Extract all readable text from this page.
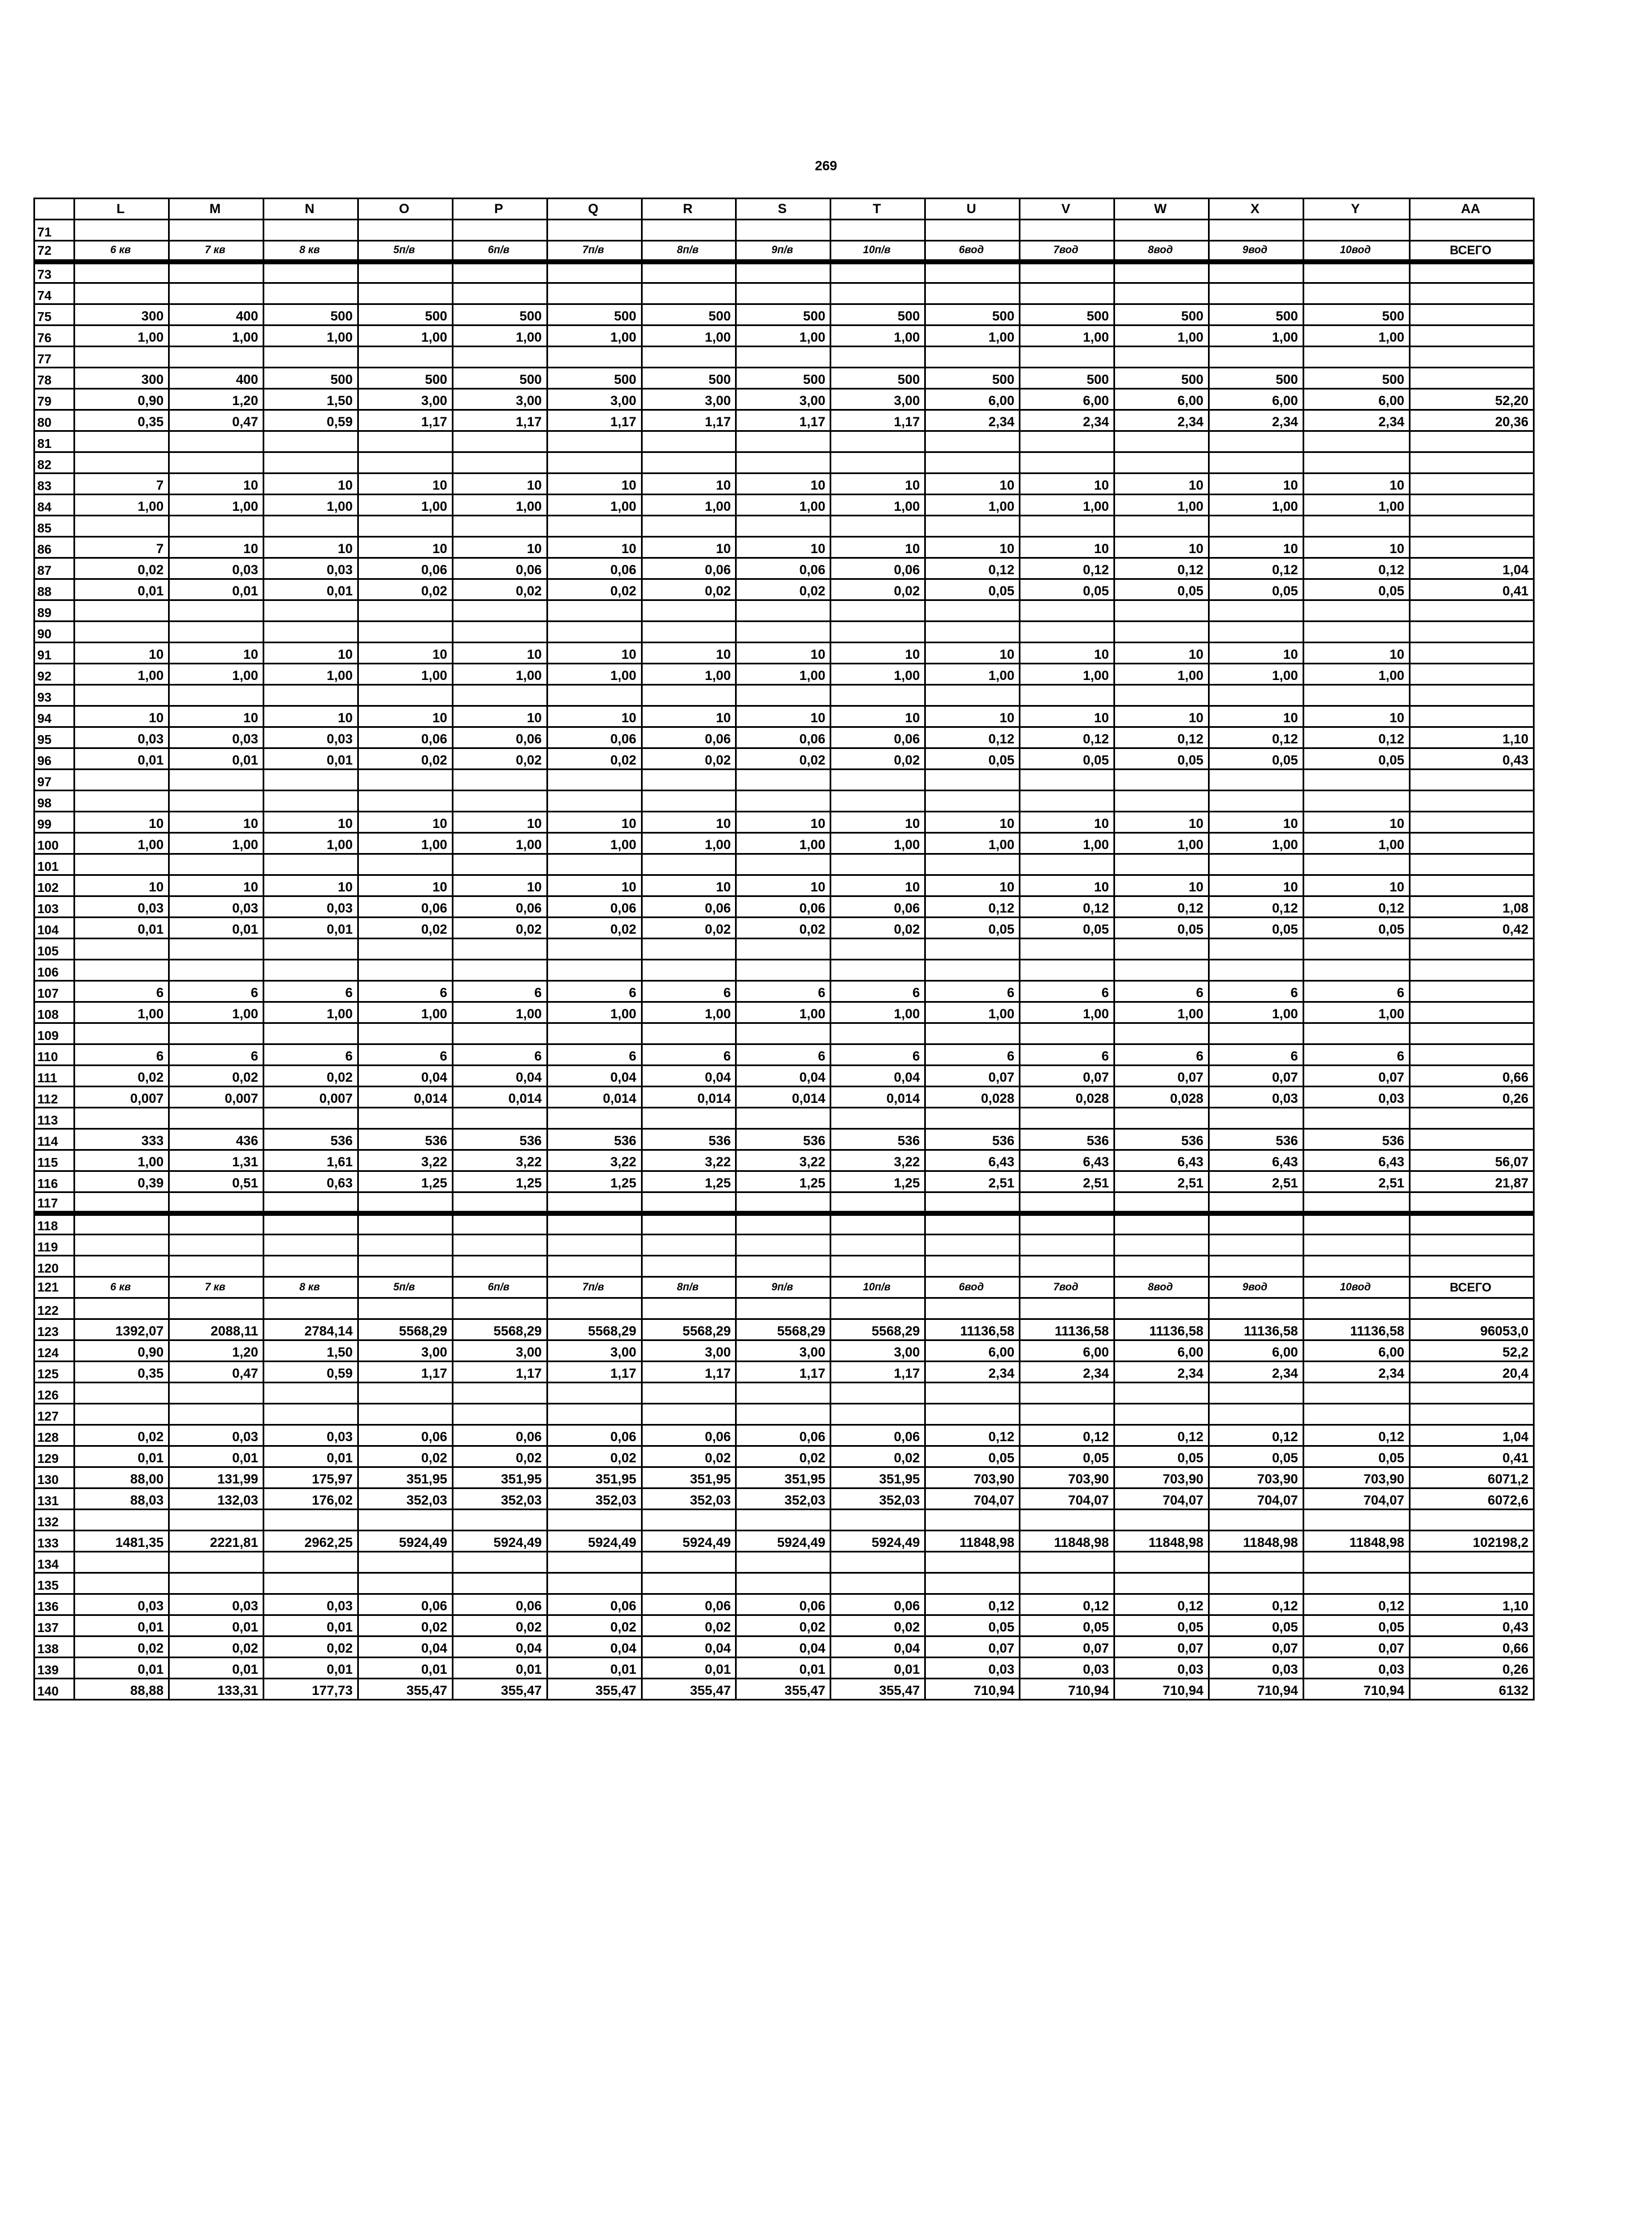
269
	L	M	N	O	P	Q	R	S	T	U	V	W	X	Y	AA
71															
72	6 кв	7 кв	8 кв	5п/в	6п/в	7п/в	8п/в	9п/в	10п/в	6вод	7вод	8вод	9вод	10вод	ВСЕГО
73															
74															
75	300	400	500	500	500	500	500	500	500	500	500	500	500	500	
76	1,00	1,00	1,00	1,00	1,00	1,00	1,00	1,00	1,00	1,00	1,00	1,00	1,00	1,00	
77															
78	300	400	500	500	500	500	500	500	500	500	500	500	500	500	
79	0,90	1,20	1,50	3,00	3,00	3,00	3,00	3,00	3,00	6,00	6,00	6,00	6,00	6,00	52,20
80	0,35	0,47	0,59	1,17	1,17	1,17	1,17	1,17	1,17	2,34	2,34	2,34	2,34	2,34	20,36
81															
82															
83	7	10	10	10	10	10	10	10	10	10	10	10	10	10	
84	1,00	1,00	1,00	1,00	1,00	1,00	1,00	1,00	1,00	1,00	1,00	1,00	1,00	1,00	
85															
86	7	10	10	10	10	10	10	10	10	10	10	10	10	10	
87	0,02	0,03	0,03	0,06	0,06	0,06	0,06	0,06	0,06	0,12	0,12	0,12	0,12	0,12	1,04
88	0,01	0,01	0,01	0,02	0,02	0,02	0,02	0,02	0,02	0,05	0,05	0,05	0,05	0,05	0,41
89															
90															
91	10	10	10	10	10	10	10	10	10	10	10	10	10	10	
92	1,00	1,00	1,00	1,00	1,00	1,00	1,00	1,00	1,00	1,00	1,00	1,00	1,00	1,00	
93															
94	10	10	10	10	10	10	10	10	10	10	10	10	10	10	
95	0,03	0,03	0,03	0,06	0,06	0,06	0,06	0,06	0,06	0,12	0,12	0,12	0,12	0,12	1,10
96	0,01	0,01	0,01	0,02	0,02	0,02	0,02	0,02	0,02	0,05	0,05	0,05	0,05	0,05	0,43
97															
98															
99	10	10	10	10	10	10	10	10	10	10	10	10	10	10	
100	1,00	1,00	1,00	1,00	1,00	1,00	1,00	1,00	1,00	1,00	1,00	1,00	1,00	1,00	
101															
102	10	10	10	10	10	10	10	10	10	10	10	10	10	10	
103	0,03	0,03	0,03	0,06	0,06	0,06	0,06	0,06	0,06	0,12	0,12	0,12	0,12	0,12	1,08
104	0,01	0,01	0,01	0,02	0,02	0,02	0,02	0,02	0,02	0,05	0,05	0,05	0,05	0,05	0,42
105															
106															
107	6	6	6	6	6	6	6	6	6	6	6	6	6	6	
108	1,00	1,00	1,00	1,00	1,00	1,00	1,00	1,00	1,00	1,00	1,00	1,00	1,00	1,00	
109															
110	6	6	6	6	6	6	6	6	6	6	6	6	6	6	
111	0,02	0,02	0,02	0,04	0,04	0,04	0,04	0,04	0,04	0,07	0,07	0,07	0,07	0,07	0,66
112	0,007	0,007	0,007	0,014	0,014	0,014	0,014	0,014	0,014	0,028	0,028	0,028	0,03	0,03	0,26
113															
114	333	436	536	536	536	536	536	536	536	536	536	536	536	536	
115	1,00	1,31	1,61	3,22	3,22	3,22	3,22	3,22	3,22	6,43	6,43	6,43	6,43	6,43	56,07
116	0,39	0,51	0,63	1,25	1,25	1,25	1,25	1,25	1,25	2,51	2,51	2,51	2,51	2,51	21,87
117															
118															
119															
120															
121	6 кв	7 кв	8 кв	5п/в	6п/в	7п/в	8п/в	9п/в	10п/в	6вод	7вод	8вод	9вод	10вод	ВСЕГО
122															
123	1392,07	2088,11	2784,14	5568,29	5568,29	5568,29	5568,29	5568,29	5568,29	11136,58	11136,58	11136,58	11136,58	11136,58	96053,0
124	0,90	1,20	1,50	3,00	3,00	3,00	3,00	3,00	3,00	6,00	6,00	6,00	6,00	6,00	52,2
125	0,35	0,47	0,59	1,17	1,17	1,17	1,17	1,17	1,17	2,34	2,34	2,34	2,34	2,34	20,4
126															
127															
128	0,02	0,03	0,03	0,06	0,06	0,06	0,06	0,06	0,06	0,12	0,12	0,12	0,12	0,12	1,04
129	0,01	0,01	0,01	0,02	0,02	0,02	0,02	0,02	0,02	0,05	0,05	0,05	0,05	0,05	0,41
130	88,00	131,99	175,97	351,95	351,95	351,95	351,95	351,95	351,95	703,90	703,90	703,90	703,90	703,90	6071,2
131	88,03	132,03	176,02	352,03	352,03	352,03	352,03	352,03	352,03	704,07	704,07	704,07	704,07	704,07	6072,6
132															
133	1481,35	2221,81	2962,25	5924,49	5924,49	5924,49	5924,49	5924,49	5924,49	11848,98	11848,98	11848,98	11848,98	11848,98	102198,2
134															
135															
136	0,03	0,03	0,03	0,06	0,06	0,06	0,06	0,06	0,06	0,12	0,12	0,12	0,12	0,12	1,10
137	0,01	0,01	0,01	0,02	0,02	0,02	0,02	0,02	0,02	0,05	0,05	0,05	0,05	0,05	0,43
138	0,02	0,02	0,02	0,04	0,04	0,04	0,04	0,04	0,04	0,07	0,07	0,07	0,07	0,07	0,66
139	0,01	0,01	0,01	0,01	0,01	0,01	0,01	0,01	0,01	0,03	0,03	0,03	0,03	0,03	0,26
140	88,88	133,31	177,73	355,47	355,47	355,47	355,47	355,47	355,47	710,94	710,94	710,94	710,94	710,94	6132
